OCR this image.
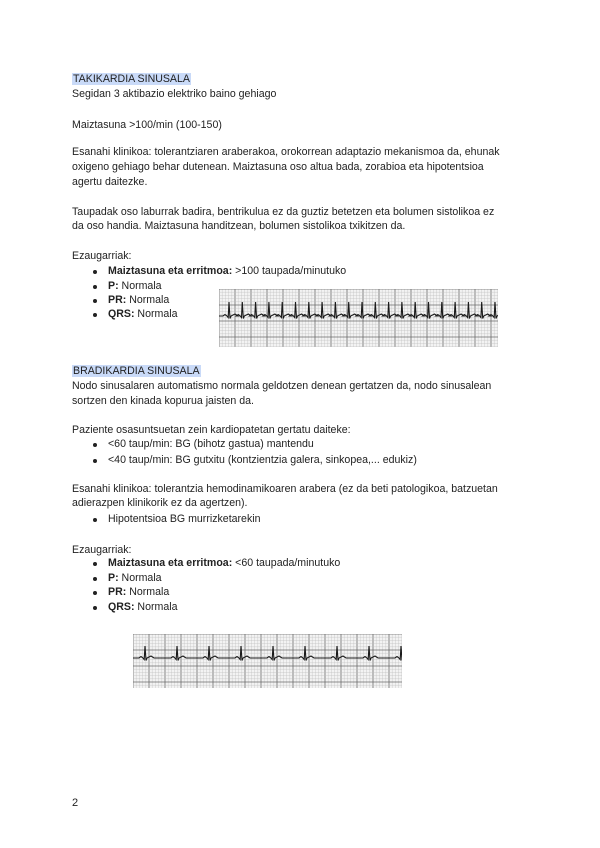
TAKIKARDIA SINUSALA
Segidan 3 aktibazio elektriko baino gehiago
Maiztasuna >100/min (100-150)
Esanahi klinikoa: tolerantziaren araberakoa, orokorrean adaptazio mekanismoa da, ehunak
oxigeno gehiago behar dutenean. Maiztasuna oso altua bada, zorabioa eta hipotentsioa
agertu daitezke.
Taupadak oso laburrak badira, bentrikulua ez da guztiz betetzen eta bolumen sistolikoa ez
da oso handia. Maiztasuna handitzean, bolumen sistolikoa txikitzen da.
Ezaugarriak:
Maiztasuna eta erritmoa: >100 taupada/minutuko
P: Normala
PR: Normala
QRS: Normala
BRADIKARDIA SINUSALA
Nodo sinusalaren automatismo normala geldotzen denean gertatzen da, nodo sinusalean
sortzen den kinada kopurua jaisten da.
Paziente osasuntsuetan zein kardiopatetan gertatu daiteke:
<60 taup/min: BG (bihotz gastua) mantendu
<40 taup/min: BG gutxitu (kontzientzia galera, sinkopea,... edukiz)
Esanahi klinikoa: tolerantzia hemodinamikoaren arabera (ez da beti patologikoa, batzuetan
adierazpen klinikorik ez da agertzen).
Hipotentsioa BG murrizketarekin
Ezaugarriak:
Maiztasuna eta erritmoa: <60 taupada/minutuko
P: Normala
PR: Normala
QRS: Normala
2
